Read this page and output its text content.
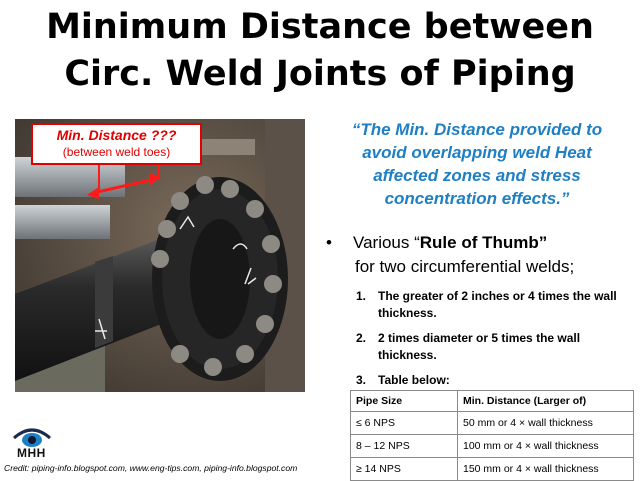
Minimum Distance between
Circ. Weld Joints of Piping
Min. Distance ???
(between weld toes)
“The Min. Distance provided to
avoid overlapping weld Heat
affected zones and stress
concentration effects.”
• Various “Rule of Thumb”
for two circumferential welds;
1. The greater of 2 inches or 4 times the wall thickness.
2. 2 times diameter or 5 times the wall thickness.
3. Table below:
Pipe Size	Min. Distance (Larger of)
≤ 6 NPS	50 mm or 4 × wall thickness
8 – 12 NPS	100 mm or 4 × wall thickness
≥ 14 NPS	150 mm or 4 × wall thickness
MHH
Credit: piping-info.blogspot.com, www.eng-tips.com, piping-info.blogspot.com
